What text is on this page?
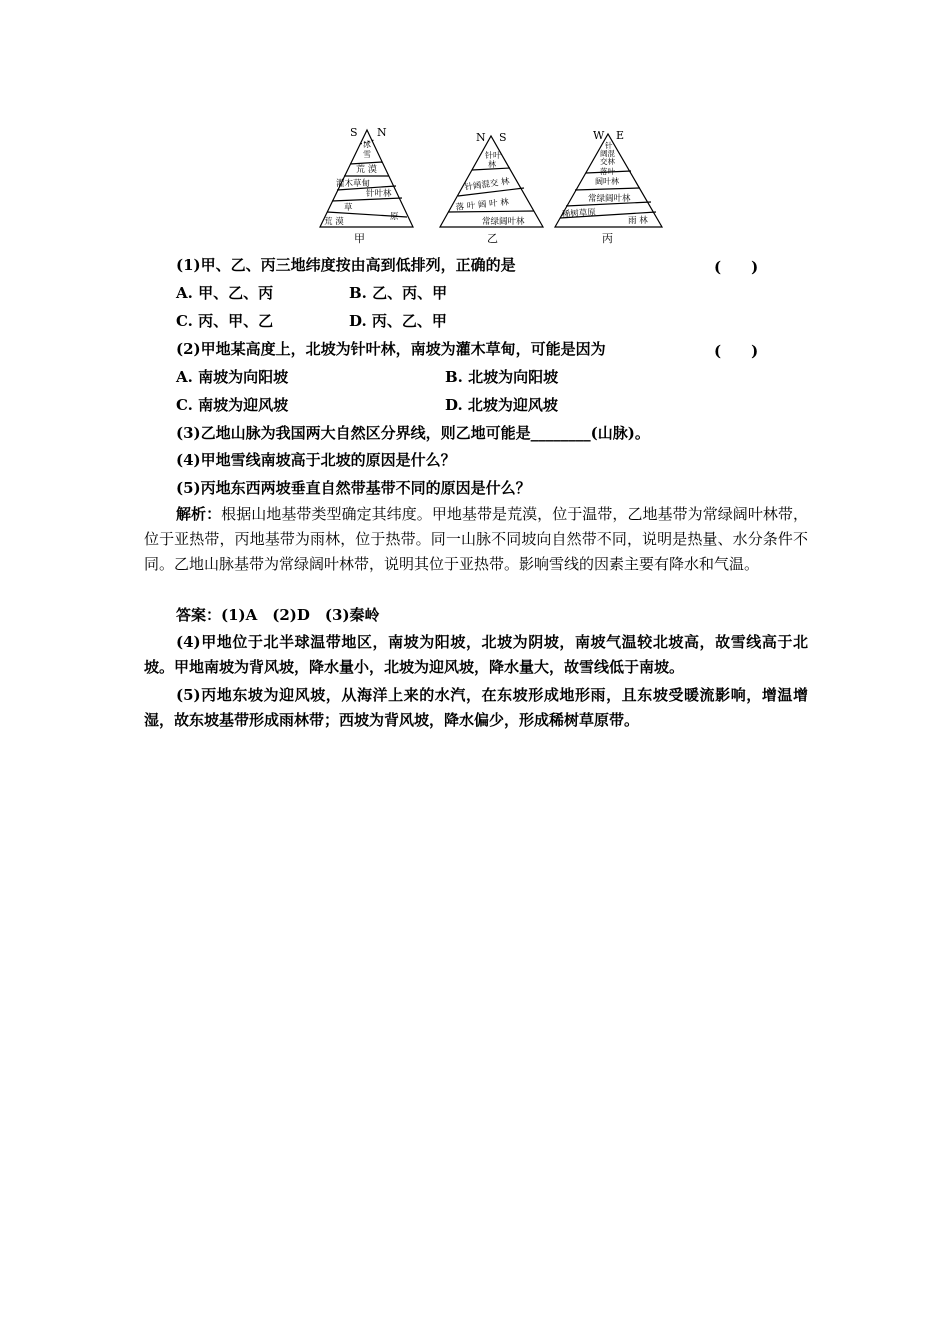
S N
冰
雪
荒 漠
灌木草甸
针叶林
草
原
荒 漠
甲
N S
针叶
林
针阔混交 林
落 叶 阔 叶 林
常绿阔叶林
乙
W E
针
阔混
交林
落叶
阔叶林
常绿阔叶林
稀树草原
雨 林
丙
(1)甲、乙、丙三地纬度按由高到低排列，正确的是	(　　)
A. 甲、乙、丙	B. 乙、丙、甲
C. 丙、甲、乙	D. 丙、乙、甲
(2)甲地某高度上，北坡为针叶林，南坡为灌木草甸，可能是因为	(　　)
A. 南坡为向阳坡	B. 北坡为向阳坡
C. 南坡为迎风坡	D. 北坡为迎风坡
(3)乙地山脉为我国两大自然区分界线，则乙地可能是________(山脉)。
(4)甲地雪线南坡高于北坡的原因是什么？
(5)丙地东西两坡垂直自然带基带不同的原因是什么？
解析：根据山地基带类型确定其纬度。甲地基带是荒漠，位于温带，乙地基带为常绿阔叶林带，位于亚热带，丙地基带为雨林，位于热带。同一山脉不同坡向自然带不同，说明是热量、水分条件不同。乙地山脉基带为常绿阔叶林带，说明其位于亚热带。影响雪线的因素主要有降水和气温。
答案：(1)A　(2)D　(3)秦岭
(4)甲地位于北半球温带地区，南坡为阳坡，北坡为阴坡，南坡气温较北坡高，故雪线高于北坡。甲地南坡为背风坡，降水量小，北坡为迎风坡，降水量大，故雪线低于南坡。
(5)丙地东坡为迎风坡，从海洋上来的水汽，在东坡形成地形雨，且东坡受暖流影响，增温增湿，故东坡基带形成雨林带；西坡为背风坡，降水偏少，形成稀树草原带。
